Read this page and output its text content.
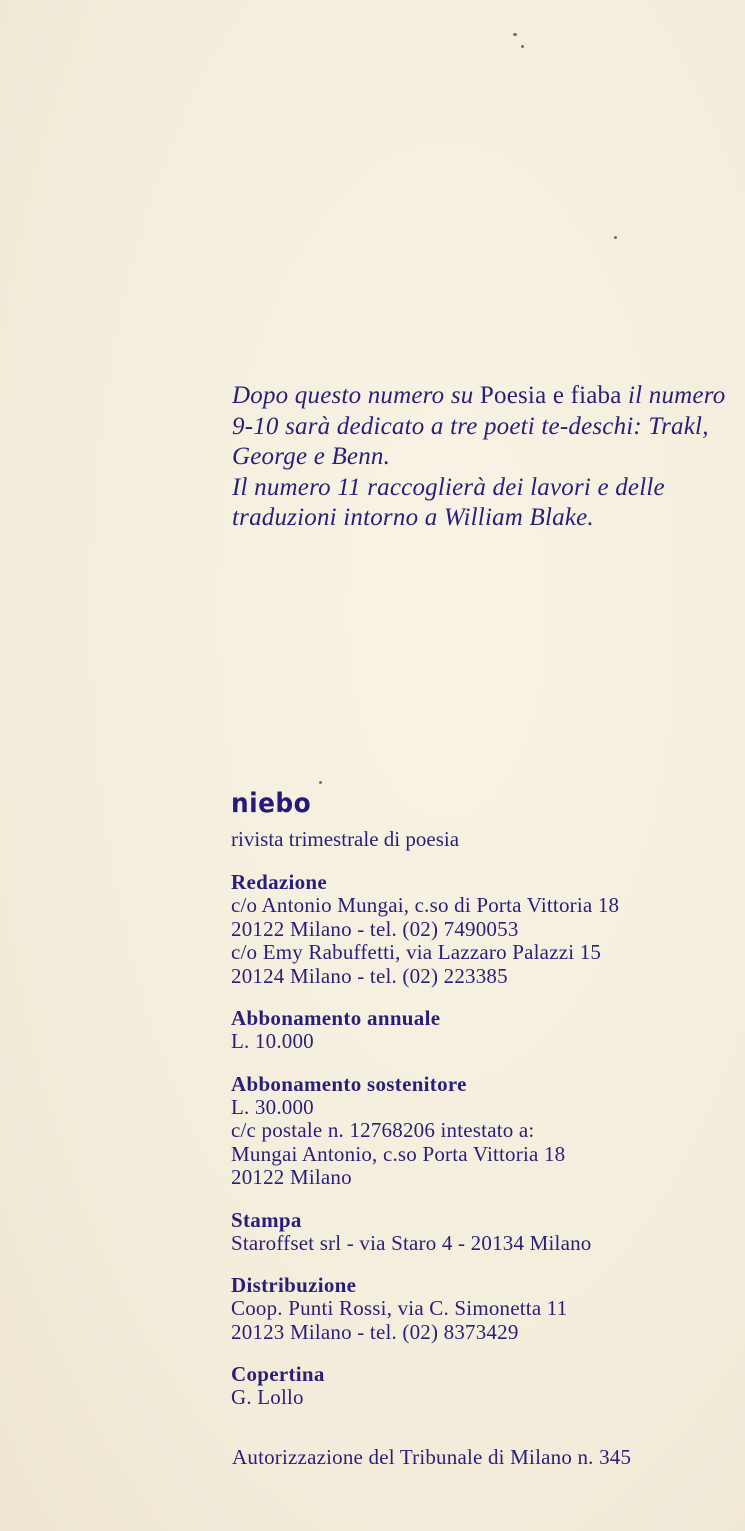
Dopo questo numero su Poesia e fiaba il numero 9-10 sarà dedicato a tre poeti te-deschi: Trakl, George e Benn.

Il numero 11 raccoglierà dei lavori e delle traduzioni intorno a William Blake.

niebo
rivista trimestrale di poesia
Redazione
c/o Antonio Mungai, c.so di Porta Vittoria 18
20122 Milano - tel. (02) 7490053
c/o Emy Rabuffetti, via Lazzaro Palazzi 15
20124 Milano - tel. (02) 223385
Abbonamento annuale
L. 10.000
Abbonamento sostenitore
L. 30.000
c/c postale n. 12768206 intestato a:
Mungai Antonio, c.so Porta Vittoria 18
20122 Milano
Stampa
Staroffset srl - via Staro 4 - 20134 Milano
Distribuzione
Coop. Punti Rossi, via C. Simonetta 11
20123 Milano - tel. (02) 8373429
Copertina
G. Lollo
Autorizzazione del Tribunale di Milano n. 345
